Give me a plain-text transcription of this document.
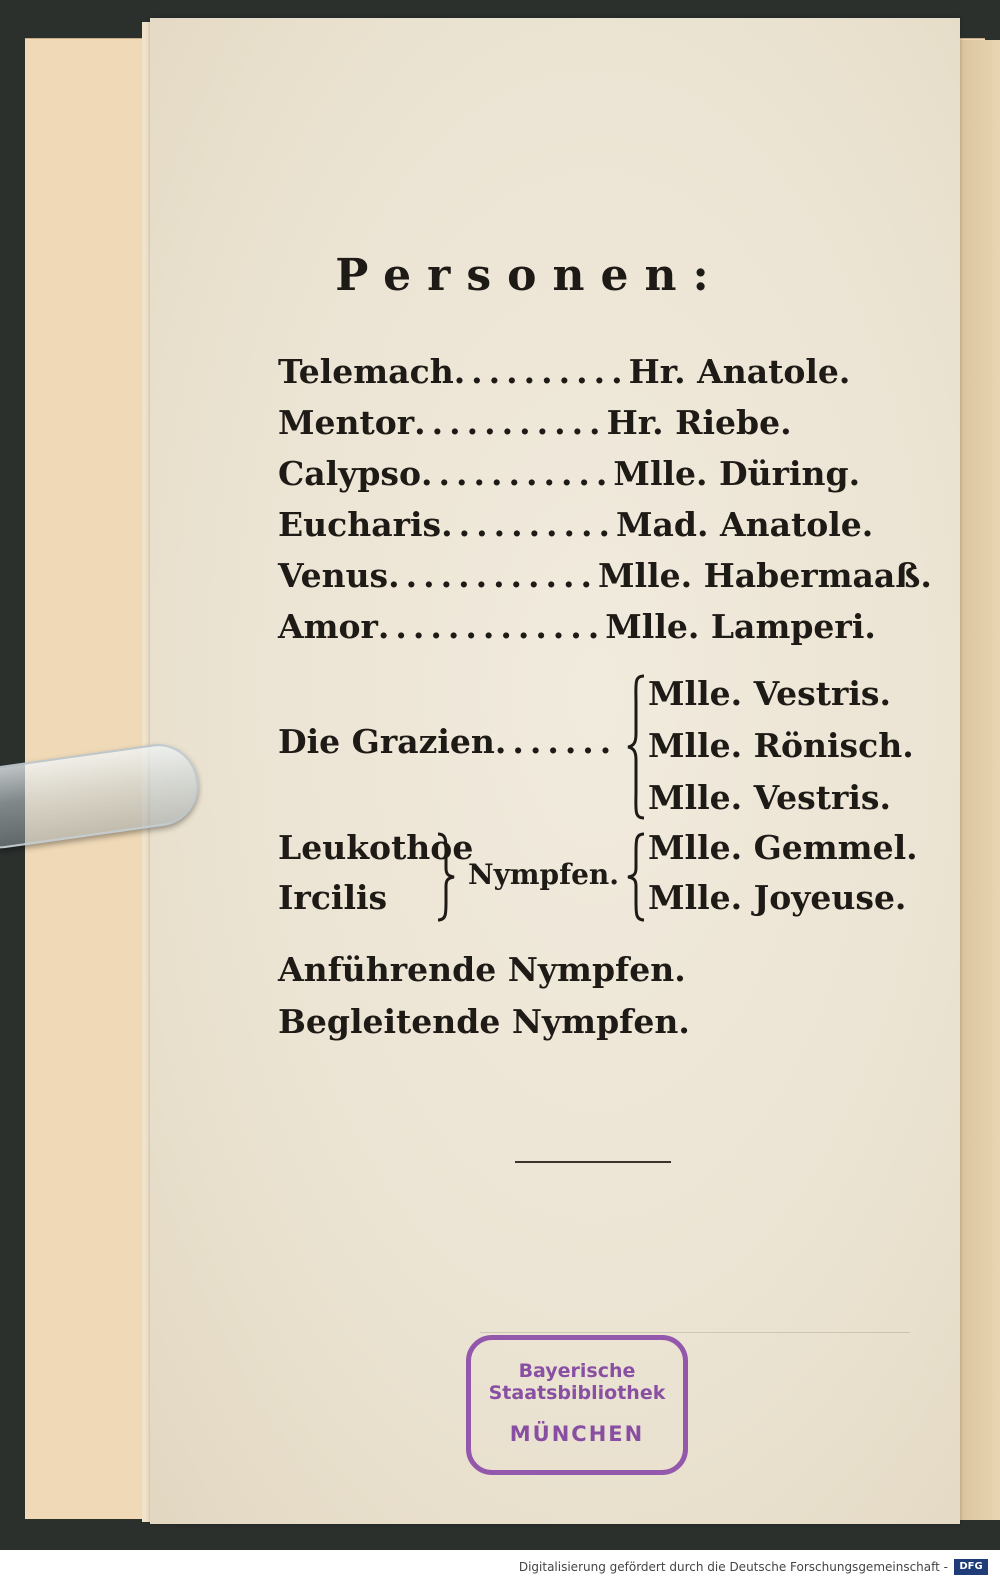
Personen:
Telemach .......... Hr. Anatole.
Mentor ........... Hr. Riebe.
Calypso ........... Mlle. Düring.
Eucharis .......... Mad. Anatole.
Venus ............ Mlle. Habermaaß.
Amor ............. Mlle. Lamperi.
Die Grazien.......
Mlle. Vestris.
Mlle. Rönisch.
Mlle. Vestris.
Leukothoe
Ircilis
Nympfen.
Mlle. Gemmel.
Mlle. Joyeuse.
Anführende Nympfen.
Begleitende Nympfen.
Bayerische
Staatsbibliothek
MÜNCHEN
Digitalisierung gefördert durch die Deutsche Forschungsgemeinschaft -	DFG
